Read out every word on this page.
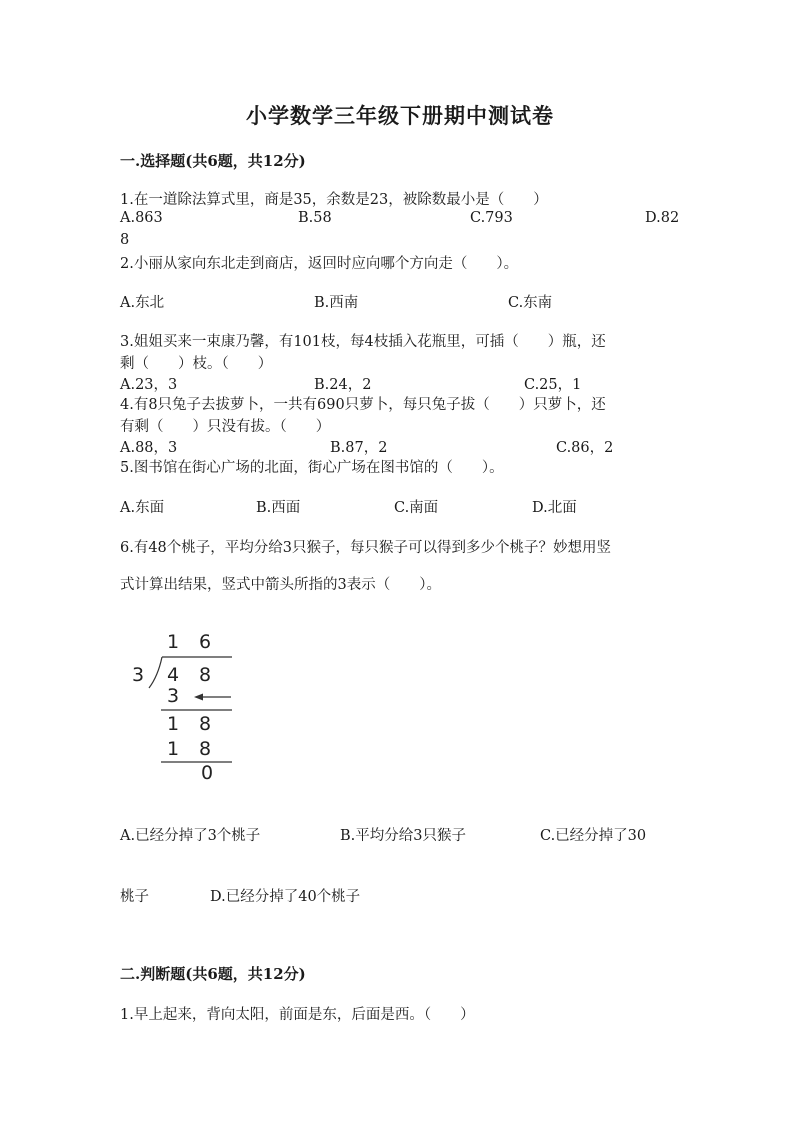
小学数学三年级下册期中测试卷
一.选择题(共6题，共12分)
1.在一道除法算式里，商是35，余数是23，被除数最小是（　　）
A.863	B.58	C.793	D.82
8
2.小丽从家向东北走到商店，返回时应向哪个方向走（　　）。
A.东北	B.西南	C.东南
3.姐姐买来一束康乃馨，有101枝，每4枝插入花瓶里，可插（　　）瓶，还
剩（　　）枝。（　　）
A.23，3	B.24，2	C.25，1
4.有8只兔子去拔萝卜，一共有690只萝卜，每只兔子拔（　　）只萝卜，还
有剩（　　）只没有拔。（　　）
A.88，3	B.87，2	C.86，2
5.图书馆在街心广场的北面，街心广场在图书馆的（　　）。
A.东面	B.西面	C.南面	D.北面
6.有48个桃子，平均分给3只猴子，每只猴子可以得到多少个桃子？妙想用竖
式计算出结果，竖式中箭头所指的3表示（　　）。
1 6
3 4 8
3
1 8
1 8
0
A.已经分掉了3个桃子	B.平均分给3只猴子	C.已经分掉了30
桃子	D.已经分掉了40个桃子
二.判断题(共6题，共12分)
1.早上起来，背向太阳，前面是东，后面是西。（　　）
